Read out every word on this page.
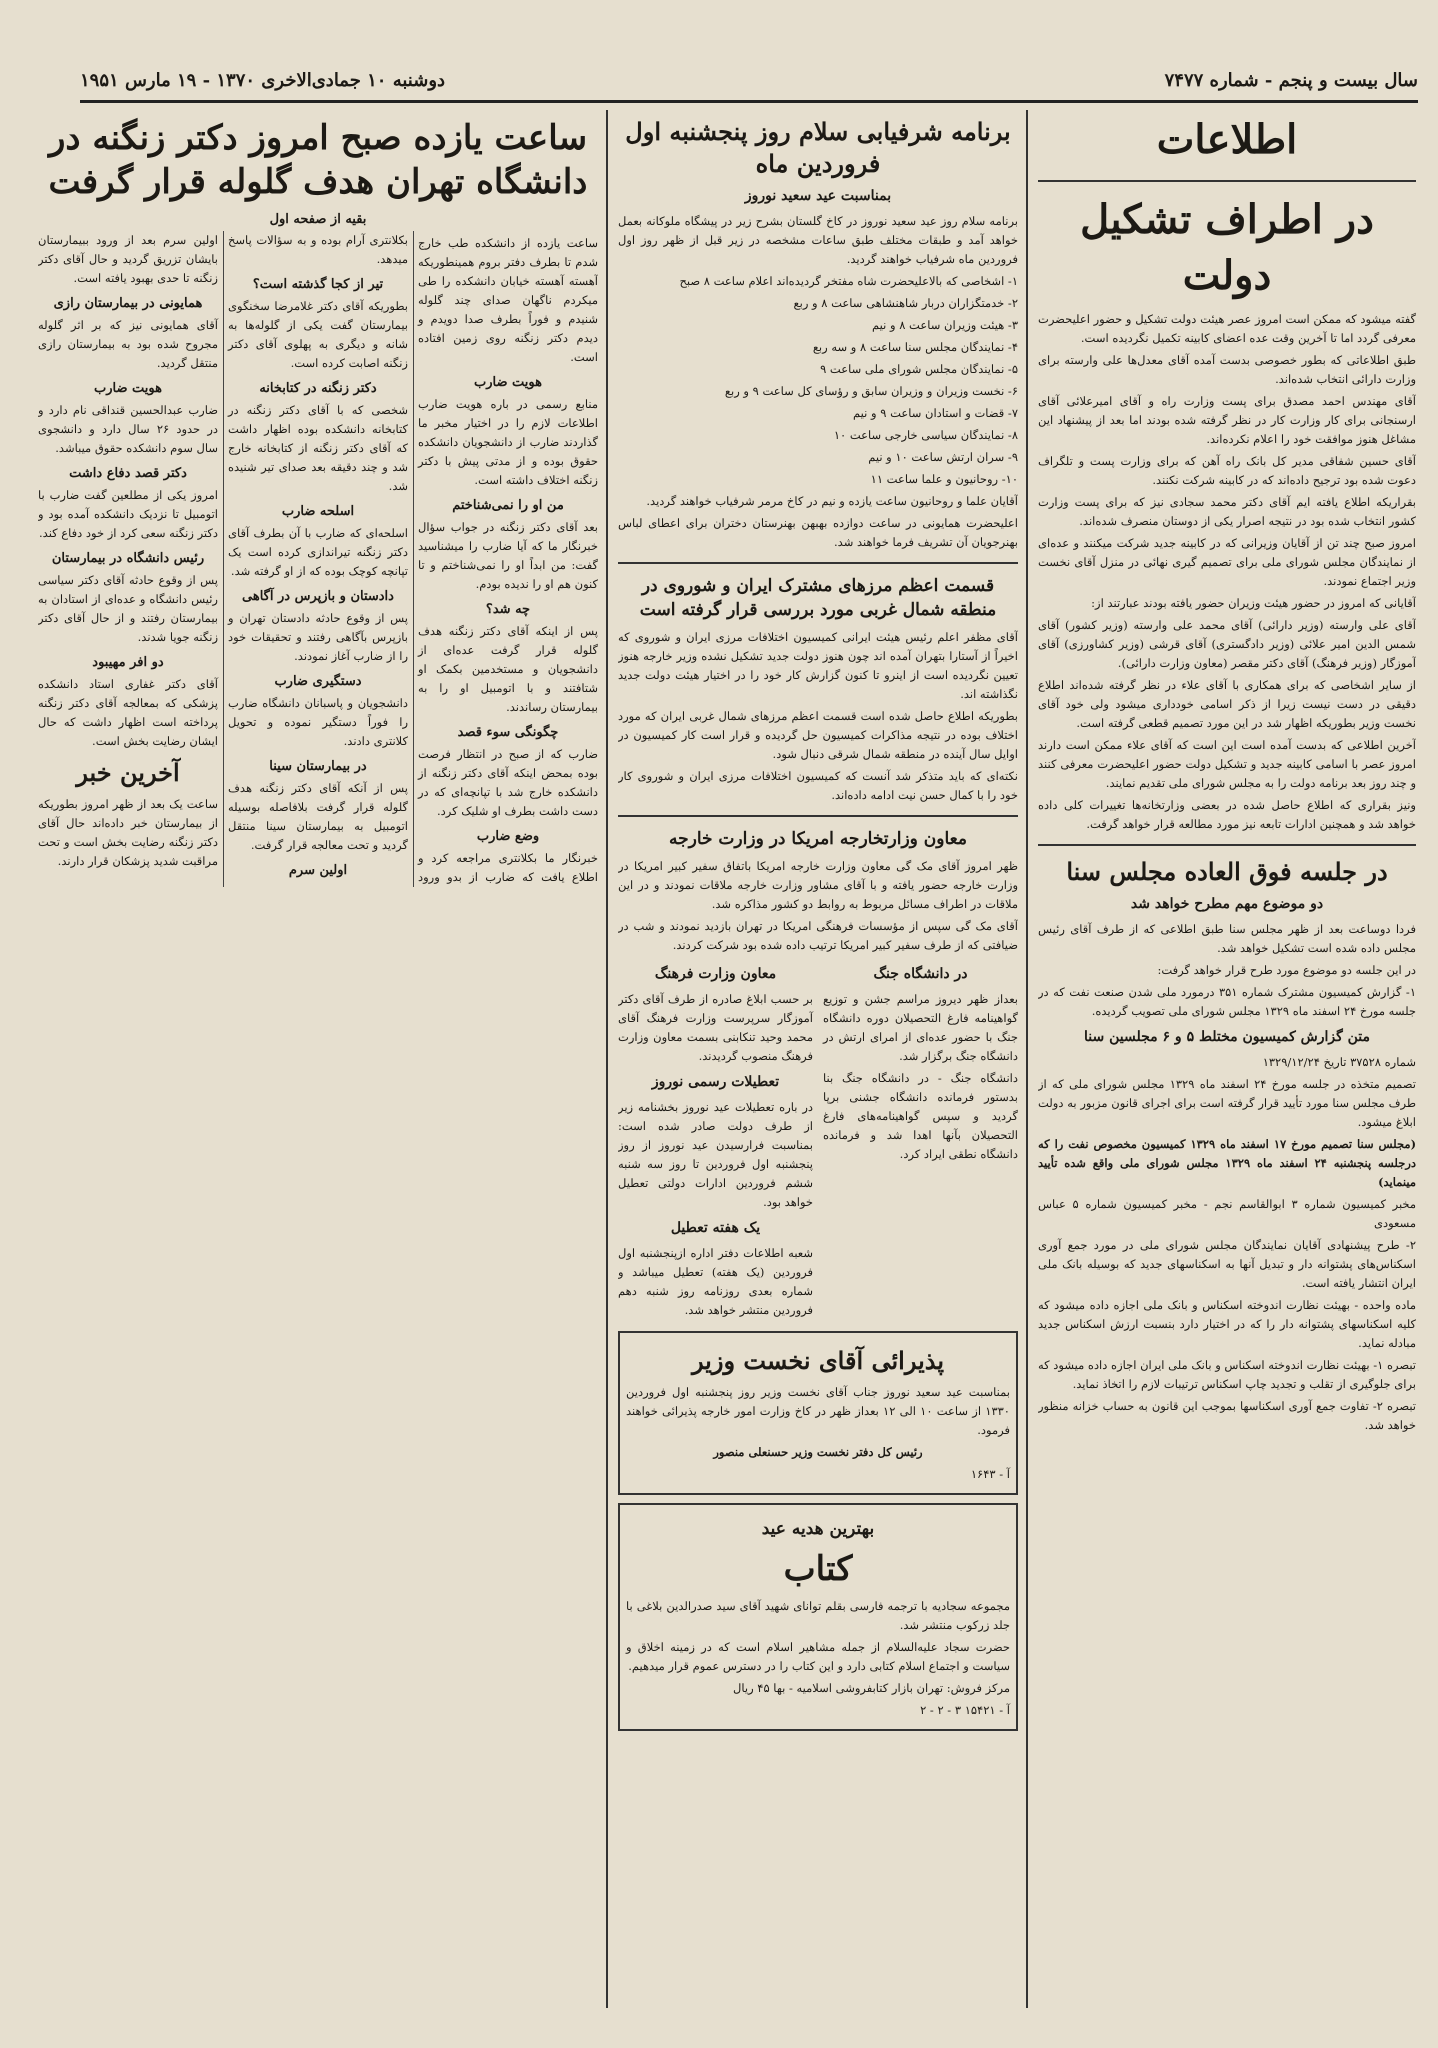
سال بیست و پنجم - شماره ۷۴۷۷
دوشنبه ۱۰ جمادی‌الاخری ۱۳۷۰ - ۱۹ مارس ۱۹۵۱
اطلاعات
در اطراف تشکیل دولت

گفته میشود که ممکن است امروز عصر هیئت دولت تشکیل و حضور اعلیحضرت معرفی گردد اما تا آخرین وقت عده اعضای کابینه تکمیل نگردیده است.

طبق اطلاعاتی که بطور خصوصی بدست آمده آقای معدل‌ها علی وارسته برای وزارت دارائی انتخاب شده‌اند.

آقای مهندس احمد مصدق برای پست وزارت راه و آقای امیرعلائی آقای ارسنجانی برای کار وزارت کار در نظر گرفته شده بودند اما بعد از پیشنهاد این مشاغل هنوز موافقت خود را اعلام نکرده‌اند.

آقای حسین شفاقی مدیر کل بانک راه آهن که برای وزارت پست و تلگراف دعوت شده بود ترجیح داده‌اند که در کابینه شرکت نکنند.

بقراریکه اطلاع یافته ایم آقای دکتر محمد سجادی نیز که برای پست وزارت کشور انتخاب شده بود در نتیجه اصرار یکی از دوستان منصرف شده‌اند.

امروز صبح چند تن از آقایان وزیرانی که در کابینه جدید شرکت میکنند و عده‌ای از نمایندگان مجلس شورای ملی برای تصمیم گیری نهائی در منزل آقای نخست وزیر اجتماع نمودند.

آقایانی که امروز در حضور هیئت وزیران حضور یافته بودند عبارتند از:

آقای علی وارسته (وزیر دارائی) آقای محمد علی وارسته (وزیر کشور) آقای شمس الدین امیر علائی (وزیر دادگستری) آقای قرشی (وزیر کشاورزی) آقای آموزگار (وزیر فرهنگ) آقای دکتر مقصر (معاون وزارت دارائی).

از سایر اشخاصی که برای همکاری با آقای علاء در نظر گرفته شده‌اند اطلاع دقیقی در دست نیست زیرا از ذکر اسامی خودداری میشود ولی خود آقای نخست وزیر بطوریکه اظهار شد در این مورد تصمیم قطعی گرفته است.

آخرین اطلاعی که بدست آمده است این است که آقای علاء ممکن است دارند امروز عصر با اسامی کابینه جدید و تشکیل دولت حضور اعلیحضرت معرفی کنند و چند روز بعد برنامه دولت را به مجلس شورای ملی تقدیم نمایند.

ونیز بقراری که اطلاع حاصل شده در بعضی وزارتخانه‌ها تغییرات کلی داده خواهد شد و همچنین ادارات تابعه نیز مورد مطالعه قرار خواهد گرفت.

در جلسه فوق العاده مجلس سنا
دو موضوع مهم مطرح خواهد شد

فردا دوساعت بعد از ظهر مجلس سنا طبق اطلاعی که از طرف آقای رئیس مجلس داده شده است تشکیل خواهد شد.

در این جلسه دو موضوع مورد طرح قرار خواهد گرفت:

۱- گزارش کمیسیون مشترک شماره ۳۵۱ درمورد ملی شدن صنعت نفت که در جلسه مورخ ۲۴ اسفند ماه ۱۳۲۹ مجلس شورای ملی تصویب گردیده.

متن گزارش کمیسیون مختلط ۵ و ۶ مجلسین سنا

شماره ۳۷۵۲۸ تاریخ ۱۳۲۹/۱۲/۲۴

تصمیم متخذه در جلسه مورخ ۲۴ اسفند ماه ۱۳۲۹ مجلس شورای ملی که از طرف مجلس سنا مورد تأیید قرار گرفته است برای اجرای قانون مزبور به دولت ابلاغ میشود.

(مجلس سنا تصمیم مورخ ۱۷ اسفند ماه ۱۳۲۹ کمیسیون مخصوص نفت را که درجلسه پنجشنبه ۲۴ اسفند ماه ۱۳۲۹ مجلس شورای ملی واقع شده تأیید مینماید)

مخبر کمیسیون شماره ۳ ابوالقاسم نجم - مخبر کمیسیون شماره ۵ عباس مسعودی

۲- طرح پیشنهادی آقایان نمایندگان مجلس شورای ملی در مورد جمع آوری اسکناس‌های پشتوانه دار و تبدیل آنها به اسکناسهای جدید که بوسیله بانک ملی ایران انتشار یافته است.

ماده واحده - بهیئت نظارت اندوخته اسکناس و بانک ملی اجازه داده میشود که کلیه اسکناسهای پشتوانه دار را که در اختیار دارد بنسبت ارزش اسکناس جدید مبادله نماید.

تبصره ۱- بهیئت نظارت اندوخته اسکناس و بانک ملی ایران اجازه داده میشود که برای جلوگیری از تقلب و تجدید چاپ اسکناس ترتیبات لازم را اتخاذ نماید.

تبصره ۲- تفاوت جمع آوری اسکناسها بموجب این قانون به حساب خزانه منظور خواهد شد.

برنامه شرفیابی سلام روز پنجشنبه اول فروردین ماه
بمناسبت عید سعید نوروز

برنامه سلام روز عید سعید نوروز در کاخ گلستان بشرح زیر در پیشگاه ملوکانه بعمل خواهد آمد و طبقات مختلف طبق ساعات مشخصه در زیر قبل از ظهر روز اول فروردین ماه شرفیاب خواهند گردید.

۱- اشخاصی که بالاعلیحضرت شاه مفتخر گردیده‌اند اعلام ساعت ۸ صبح

۲- خدمتگزاران دربار شاهنشاهی ساعت ۸ و ربع

۳- هیئت وزیران ساعت ۸ و نیم

۴- نمایندگان مجلس سنا ساعت ۸ و سه ربع

۵- نمایندگان مجلس شورای ملی ساعت ۹

۶- نخست وزیران و وزیران سابق و رؤسای کل ساعت ۹ و ربع

۷- قضات و استادان ساعت ۹ و نیم

۸- نمایندگان سیاسی خارجی ساعت ۱۰

۹- سران ارتش ساعت ۱۰ و نیم

۱۰- روحانیون و علما ساعت ۱۱

آقایان علما و روحانیون ساعت یازده و نیم در کاخ مرمر شرفیاب خواهند گردید.

اعلیحضرت همایونی در ساعت دوازده بهبهن بهنرستان دختران برای اعطای لباس بهنرجویان آن تشریف فرما خواهند شد.

قسمت اعظم مرزهای مشترک ایران و شوروی در منطقه شمال غربی مورد بررسی قرار گرفته است

آقای مظفر اعلم رئیس هیئت ایرانی کمیسیون اختلافات مرزی ایران و شوروی که اخیراً از آستارا بتهران آمده اند چون هنوز دولت جدید تشکیل نشده وزیر خارجه هنوز تعیین نگردیده است از اینرو تا کنون گزارش کار خود را در اختیار هیئت دولت جدید نگذاشته اند.

بطوریکه اطلاع حاصل شده است قسمت اعظم مرزهای شمال غربی ایران که مورد اختلاف بوده در نتیجه مذاکرات کمیسیون حل گردیده و قرار است کار کمیسیون در اوایل سال آینده در منطقه شمال شرقی دنبال شود.

نکته‌ای که باید متذکر شد آنست که کمیسیون اختلافات مرزی ایران و شوروی کار خود را با کمال حسن نیت ادامه داده‌اند.

معاون وزارتخارجه امریکا در وزارت خارجه

ظهر امروز آقای مک گی معاون وزارت خارجه امریکا باتفاق سفیر کبیر امریکا در وزارت خارجه حضور یافته و با آقای مشاور وزارت خارجه ملاقات نمودند و در این ملاقات در اطراف مسائل مربوط به روابط دو کشور مذاکره شد.

آقای مک گی سپس از مؤسسات فرهنگی امریکا در تهران بازدید نمودند و شب در ضیافتی که از طرف سفیر کبیر امریکا ترتیب داده شده بود شرکت کردند.

در دانشگاه جنگ

بعداز ظهر دیروز مراسم جشن و توزیع گواهینامه فارغ التحصیلان دوره دانشگاه جنگ با حضور عده‌ای از امرای ارتش در دانشگاه جنگ برگزار شد.

دانشگاه جنگ - در دانشگاه جنگ بنا بدستور فرمانده دانشگاه جشنی برپا گردید و سپس گواهینامه‌های فارغ التحصیلان بآنها اهدا شد و فرمانده دانشگاه نطقی ایراد کرد.

معاون وزارت فرهنگ

بر حسب ابلاغ صادره از طرف آقای دکتر آموزگار سرپرست وزارت فرهنگ آقای محمد وحید تنکابنی بسمت معاون وزارت فرهنگ منصوب گردیدند.

تعطیلات رسمی نوروز

در باره تعطیلات عید نوروز بخشنامه زیر از طرف دولت صادر شده است: بمناسبت فرارسیدن عید نوروز از روز پنجشنبه اول فروردین تا روز سه شنبه ششم فروردین ادارات دولتی تعطیل خواهد بود.

یک هفته تعطیل

شعبه اطلاعات دفتر اداره ازپنجشنبه اول فروردین (یک هفته) تعطیل میباشد و شماره بعدی روزنامه روز شنبه دهم فروردین منتشر خواهد شد.

پذیرائی آقای نخست وزیر

بمناسبت عید سعید نوروز جناب آقای نخست وزیر روز پنجشنبه اول فروردین ۱۳۳۰ از ساعت ۱۰ الی ۱۲ بعداز ظهر در کاخ وزارت امور خارجه پذیرائی خواهند فرمود.

رئیس کل دفتر نخست وزیر حسنعلی منصور

آ - ۱۶۴۳

بهترین هدیه عید
کتاب

مجموعه سجادیه با ترجمه فارسی بقلم توانای شهید آقای سید صدرالدین بلاغی با جلد زرکوب منتشر شد.

حضرت سجاد علیه‌السلام از جمله مشاهیر اسلام است که در زمینه اخلاق و سیاست و اجتماع اسلام کتابی دارد و این کتاب را در دسترس عموم قرار میدهیم.

مرکز فروش: تهران بازار کتابفروشی اسلامیه - بها ۴۵ ریال

آ - ۱۵۴۲۱ ۳ - ۲ - ۲

ساعت یازده صبح امروز دکتر زنگنه در دانشگاه تهران هدف گلوله قرار گرفت
بقیه از صفحه اول

ساعت یازده از دانشکده طب خارج شدم تا بطرف دفتر بروم همینطوریکه آهسته آهسته خیابان دانشکده را طی میکردم ناگهان صدای چند گلوله شنیدم و فوراً بطرف صدا دویدم و دیدم دکتر زنگنه روی زمین افتاده است.

هویت ضارب

منابع رسمی در باره هویت ضارب اطلاعات لازم را در اختیار مخبر ما گذاردند ضارب از دانشجویان دانشکده حقوق بوده و از مدتی پیش با دکتر زنگنه اختلاف داشته است.

من او را نمی‌شناختم

بعد آقای دکتر زنگنه در جواب سؤال خبرنگار ما که آیا ضارب را میشناسید گفت: من ابداً او را نمی‌شناختم و تا کنون هم او را ندیده بودم.

چه شد؟

پس از اینکه آقای دکتر زنگنه هدف گلوله قرار گرفت عده‌ای از دانشجویان و مستخدمین بکمک او شتافتند و با اتومبیل او را به بیمارستان رساندند.

چگونگی سوء قصد

ضارب که از صبح در انتظار فرصت بوده بمحض اینکه آقای دکتر زنگنه از دانشکده خارج شد با تپانچه‌ای که در دست داشت بطرف او شلیک کرد.

وضع ضارب

خبرنگار ما بکلانتری مراجعه کرد و اطلاع یافت که ضارب از بدو ورود بکلانتری آرام بوده و به سؤالات پاسخ میدهد.

تیر از کجا گذشته است؟

بطوریکه آقای دکتر غلامرضا سخنگوی بیمارستان گفت یکی از گلوله‌ها به شانه و دیگری به پهلوی آقای دکتر زنگنه اصابت کرده است.

دکتر زنگنه در کتابخانه

شخصی که با آقای دکتر زنگنه در کتابخانه دانشکده بوده اظهار داشت که آقای دکتر زنگنه از کتابخانه خارج شد و چند دقیقه بعد صدای تیر شنیده شد.

اسلحه ضارب

اسلحه‌ای که ضارب با آن بطرف آقای دکتر زنگنه تیراندازی کرده است یک تپانچه کوچک بوده که از او گرفته شد.

دادستان و بازپرس در آگاهی

پس از وقوع حادثه دادستان تهران و بازپرس بآگاهی رفتند و تحقیقات خود را از ضارب آغاز نمودند.

دستگیری ضارب

دانشجویان و پاسبانان دانشگاه ضارب را فوراً دستگیر نموده و تحویل کلانتری دادند.

در بیمارستان سینا

پس از آنکه آقای دکتر زنگنه هدف گلوله قرار گرفت بلافاصله بوسیله اتومبیل به بیمارستان سینا منتقل گردید و تحت معالجه قرار گرفت.

اولین سرم

اولین سرم بعد از ورود ببیمارستان بایشان تزریق گردید و حال آقای دکتر زنگنه تا حدی بهبود یافته است.

همایونی در بیمارستان رازی

آقای همایونی نیز که بر اثر گلوله مجروح شده بود به بیمارستان رازی منتقل گردید.

هویت ضارب

ضارب عبدالحسین قنداقی نام دارد و در حدود ۲۶ سال دارد و دانشجوی سال سوم دانشکده حقوق میباشد.

دکتر قصد دفاع داشت

امروز یکی از مطلعین گفت ضارب با اتومبیل تا نزدیک دانشکده آمده بود و دکتر زنگنه سعی کرد از خود دفاع کند.

رئیس دانشگاه در بیمارستان

پس از وقوع حادثه آقای دکتر سیاسی رئیس دانشگاه و عده‌ای از استادان به بیمارستان رفتند و از حال آقای دکتر زنگنه جویا شدند.

دو افر مهیبود

آقای دکتر غفاری استاد دانشکده پزشکی که بمعالجه آقای دکتر زنگنه پرداخته است اظهار داشت که حال ایشان رضایت بخش است.

آخرین خبر

ساعت یک بعد از ظهر امروز بطوریکه از بیمارستان خبر داده‌اند حال آقای دکتر زنگنه رضایت بخش است و تحت مراقبت شدید پزشکان قرار دارند.
